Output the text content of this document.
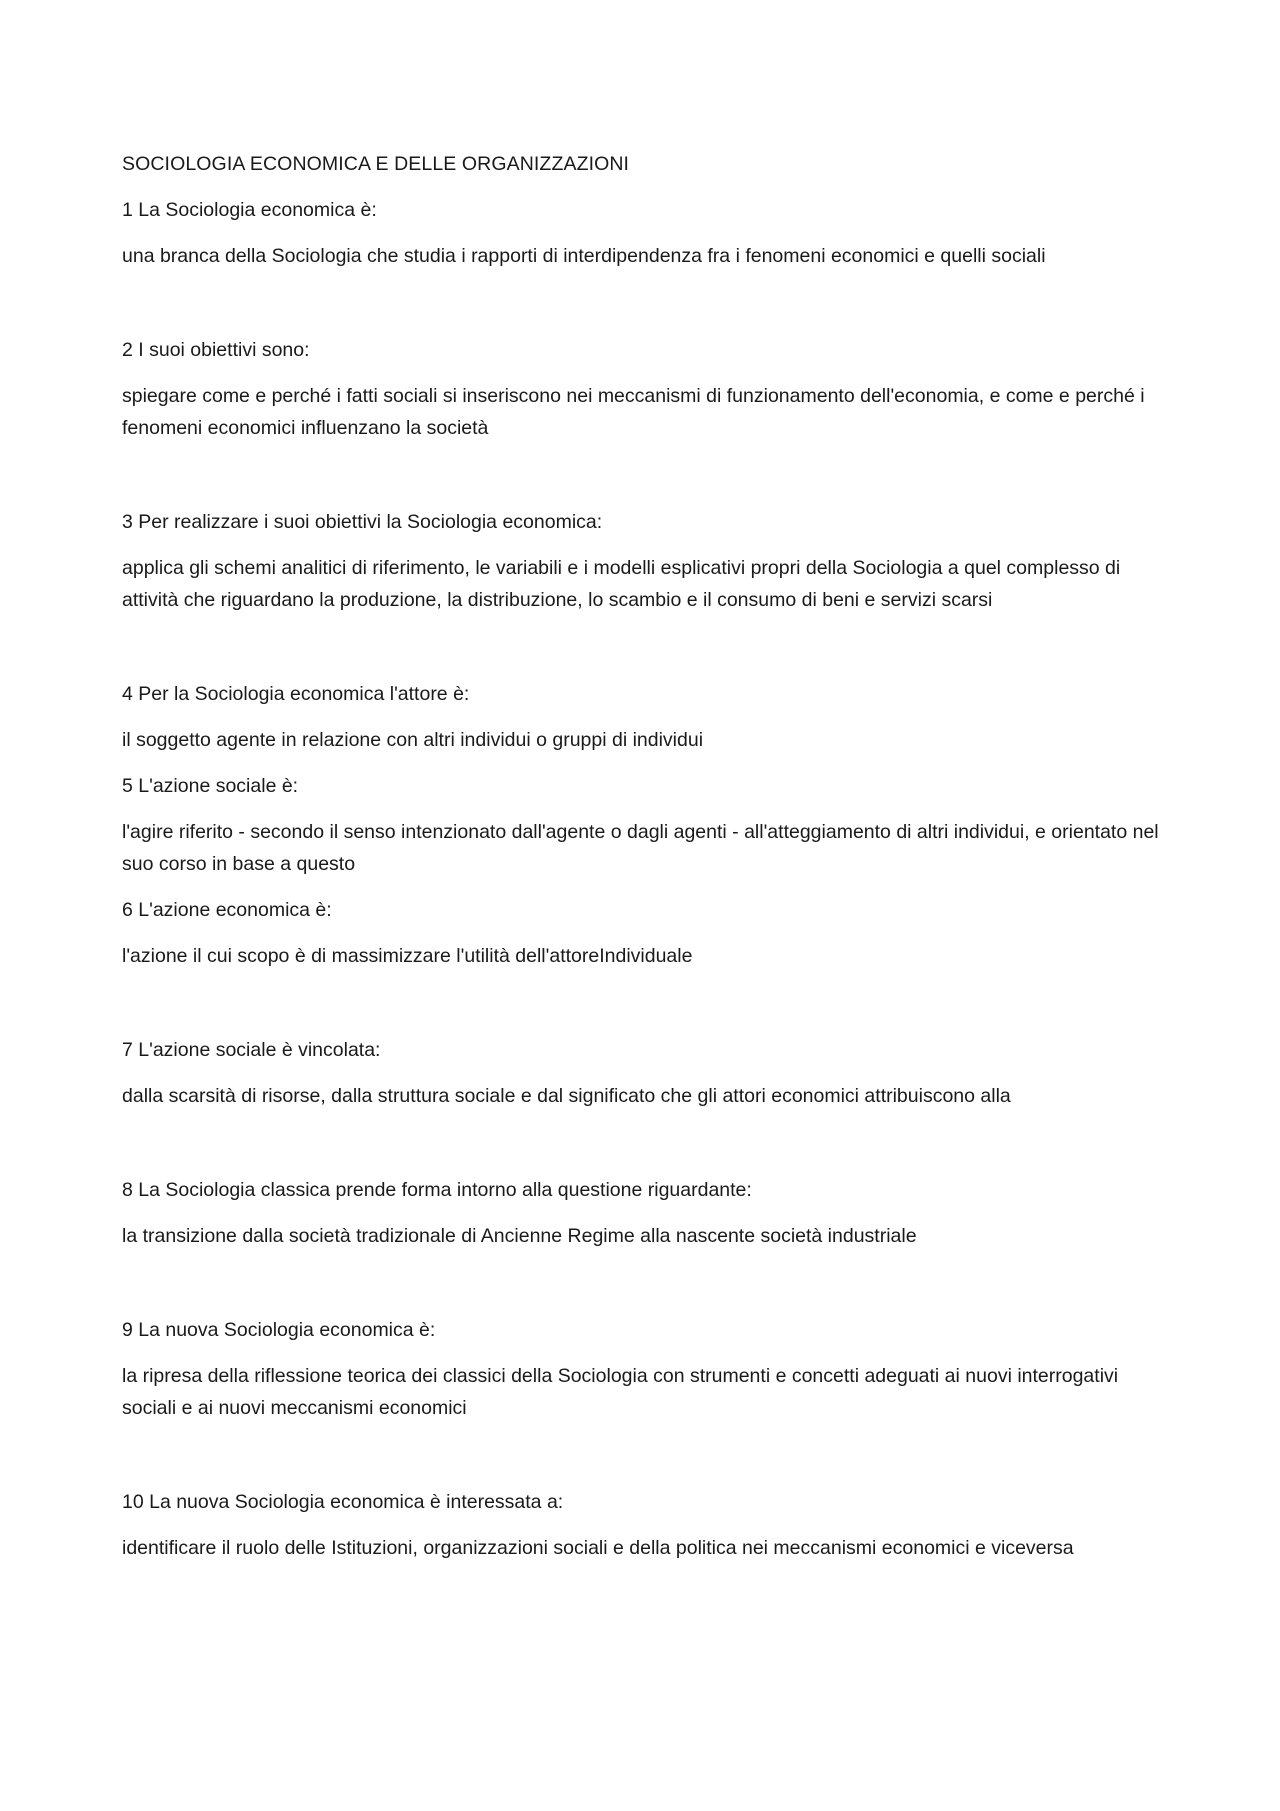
SOCIOLOGIA ECONOMICA E DELLE ORGANIZZAZIONI

1 La Sociologia economica è:

una branca della Sociologia che studia i rapporti di interdipendenza fra i fenomeni economici e quelli sociali

2 I suoi obiettivi sono:

spiegare come e perché i fatti sociali si inseriscono nei meccanismi di funzionamento dell'economia, e come e perché i fenomeni economici influenzano la società

3 Per realizzare i suoi obiettivi la Sociologia economica:

applica gli schemi analitici di riferimento, le variabili e i modelli esplicativi propri della Sociologia a quel complesso di attività che riguardano la produzione, la distribuzione, lo scambio e il consumo di beni e servizi scarsi

4 Per la Sociologia economica l'attore è:

il soggetto agente in relazione con altri individui o gruppi di individui

5 L'azione sociale è:

l'agire riferito - secondo il senso intenzionato dall'agente o dagli agenti - all'atteggiamento di altri individui, e orientato nel suo corso in base a questo

6 L'azione economica è:

l'azione il cui scopo è di massimizzare l'utilità dell'attoreIndividuale

7 L'azione sociale è vincolata:

dalla scarsità di risorse, dalla struttura sociale e dal significato che gli attori economici attribuiscono alla

8 La Sociologia classica prende forma intorno alla questione riguardante:

la transizione dalla società tradizionale di Ancienne Regime alla nascente società industriale

9 La nuova Sociologia economica è:

la ripresa della riflessione teorica dei classici della Sociologia con strumenti e concetti adeguati ai nuovi interrogativi sociali e ai nuovi meccanismi economici

10 La nuova Sociologia economica è interessata a:

identificare il ruolo delle Istituzioni, organizzazioni sociali e della politica nei meccanismi economici e viceversa
